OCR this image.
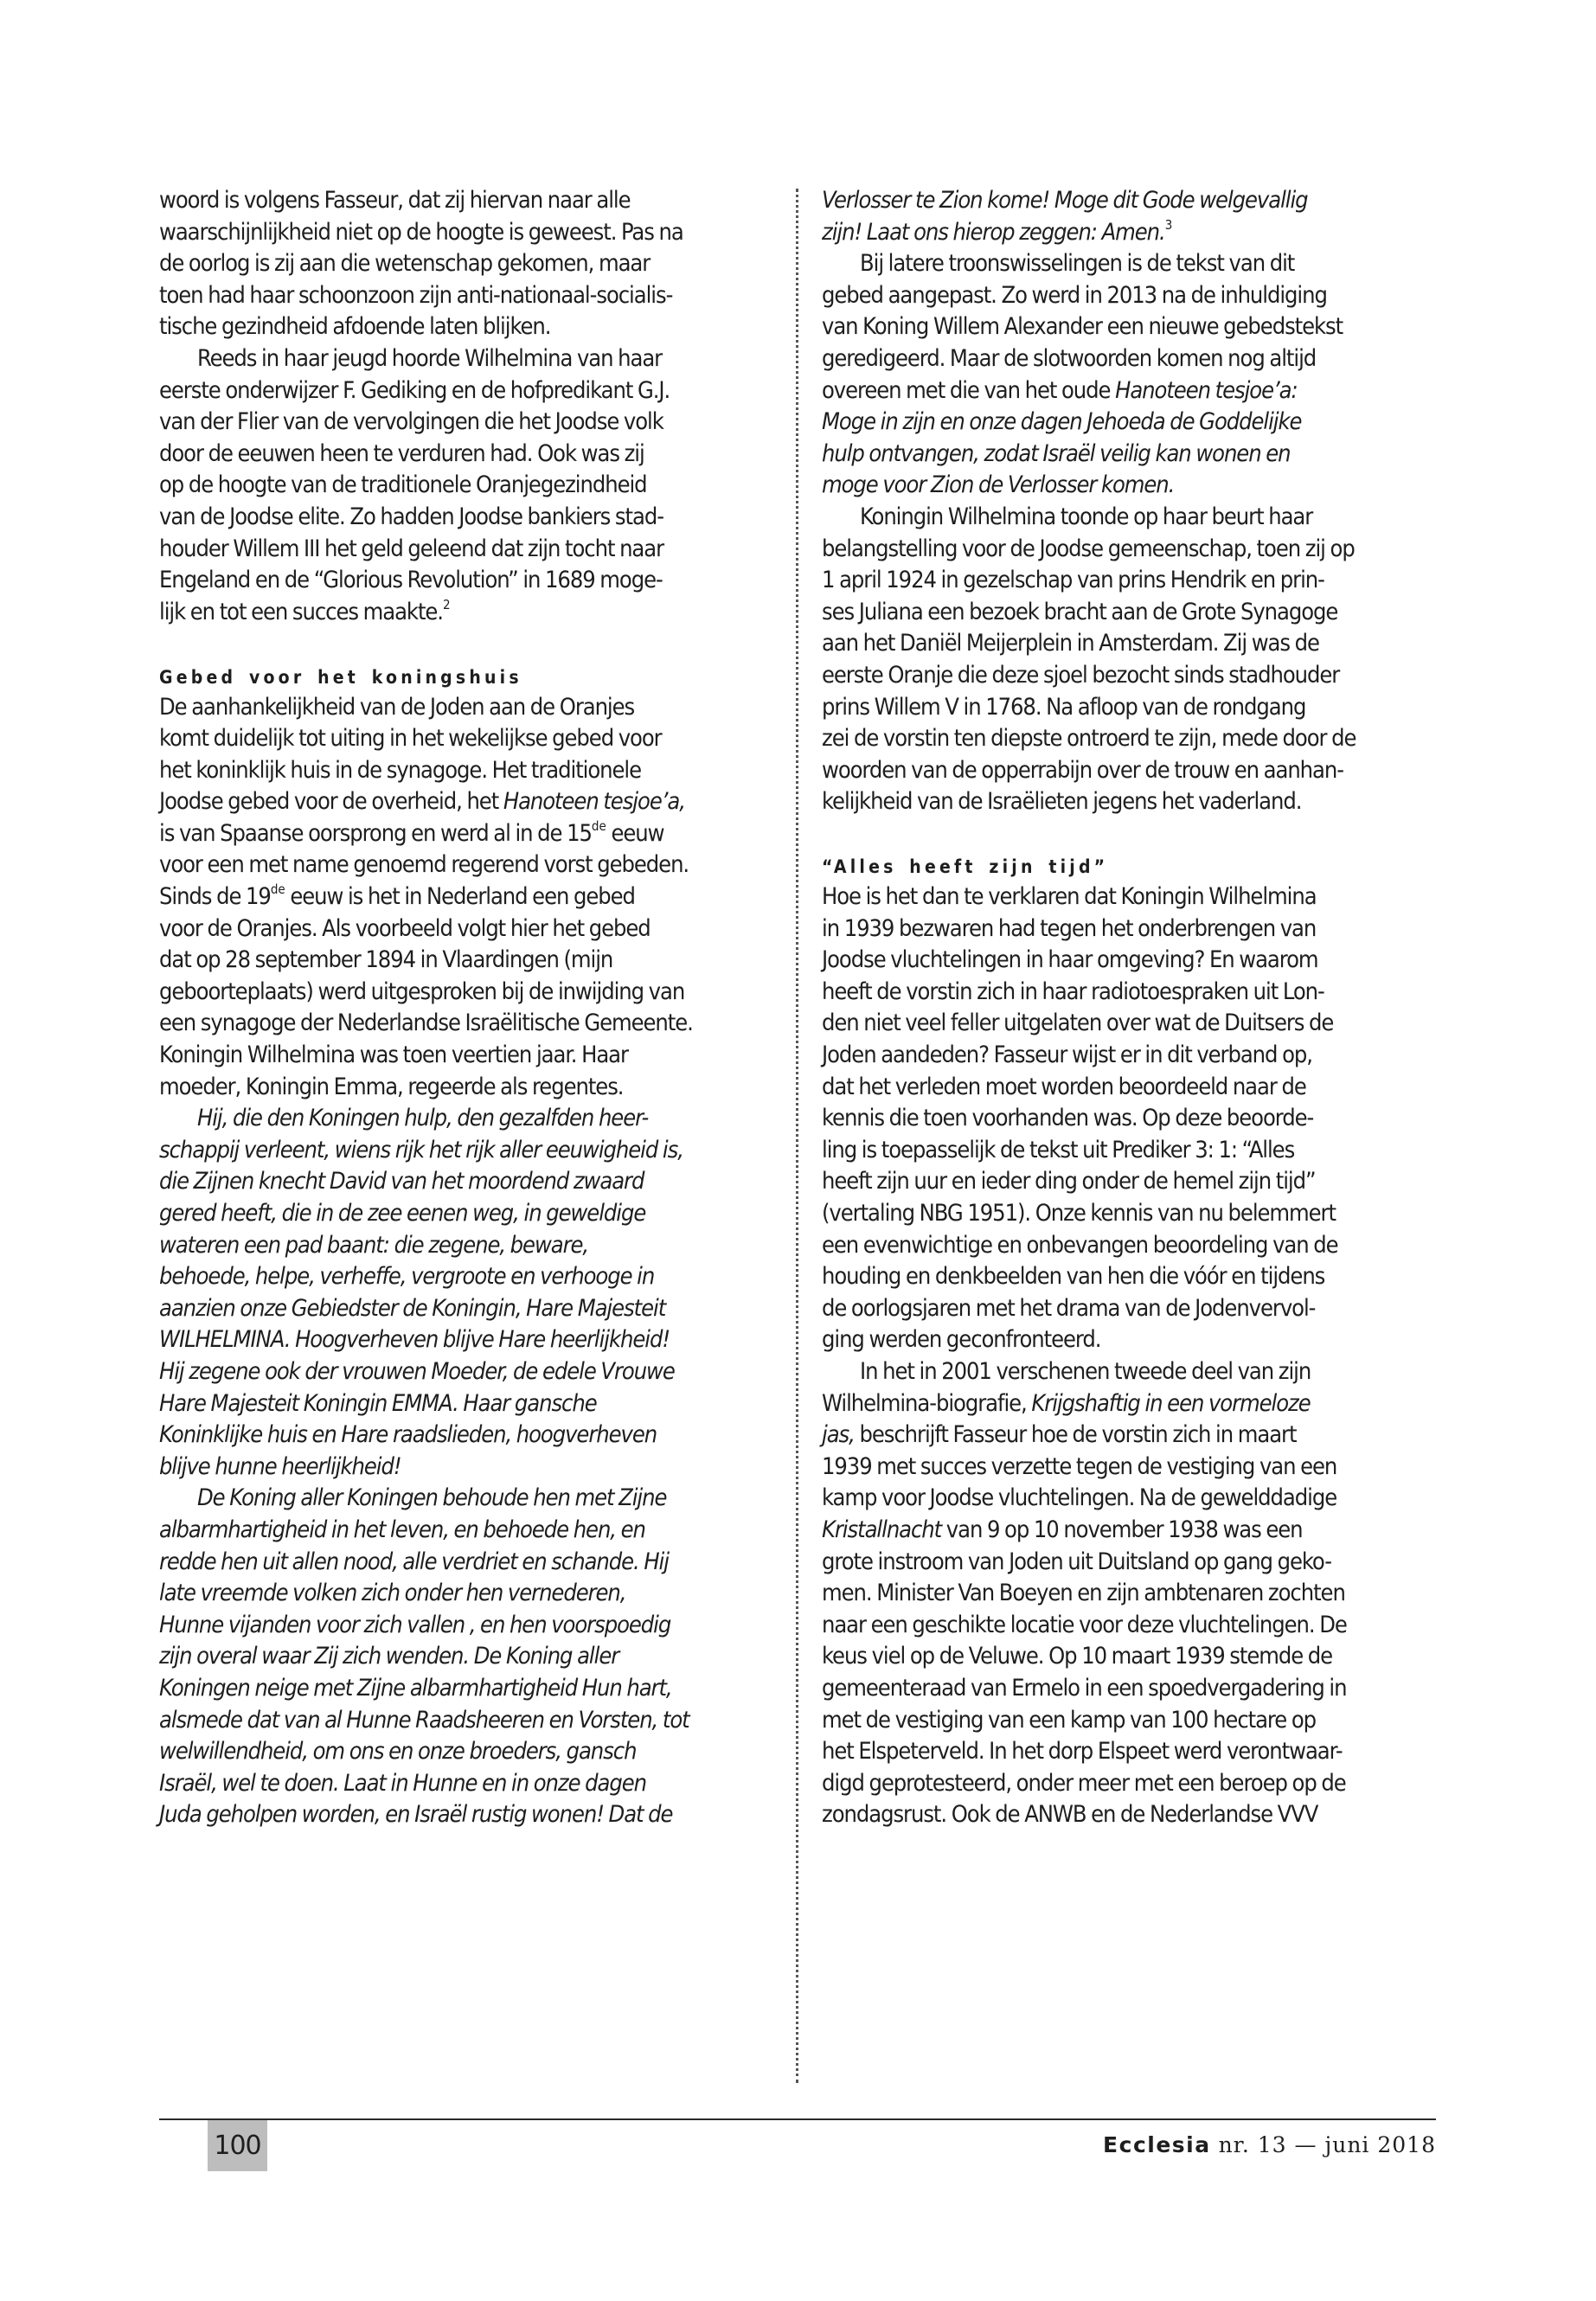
woord is volgens Fasseur, dat zij hiervan naar alle
waarschijnlijkheid niet op de hoogte is geweest. Pas na
de oorlog is zij aan die wetenschap gekomen, maar
toen had haar schoonzoon zijn anti-nationaal-socialis-
tische gezindheid afdoende laten blijken.
Reeds in haar jeugd hoorde Wilhelmina van haar
eerste onderwijzer F. Gediking en de hofpredikant G.J.
van der Flier van de vervolgingen die het Joodse volk
door de eeuwen heen te verduren had. Ook was zij
op de hoogte van de traditionele Oranjegezindheid
van de Joodse elite. Zo hadden Joodse bankiers stad-
houder Willem III het geld geleend dat zijn tocht naar
Engeland en de “Glorious Revolution” in 1689 moge-
lijk en tot een succes maakte.$^2$
Gebed voor het koningshuis
De aanhankelijkheid van de Joden aan de Oranjes
komt duidelijk tot uiting in het wekelijkse gebed voor
het koninklijk huis in de synagoge. Het traditionele
Joodse gebed voor de overheid, het Hanoteen tesjoe’a,
is van Spaanse oorsprong en werd al in de 15de eeuw
voor een met name genoemd regerend vorst gebeden.
Sinds de 19de eeuw is het in Nederland een gebed
voor de Oranjes. Als voorbeeld volgt hier het gebed
dat op 28 september 1894 in Vlaardingen (mijn
geboorteplaats) werd uitgesproken bij de inwijding van
een synagoge der Nederlandse Israëlitische Gemeente.
Koningin Wilhelmina was toen veertien jaar. Haar
moeder, Koningin Emma, regeerde als regentes.
Hij, die den Koningen hulp, den gezalfden heer-
schappij verleent, wiens rijk het rijk aller eeuwigheid is,
die Zijnen knecht David van het moordend zwaard
gered heeft, die in de zee eenen weg, in geweldige
wateren een pad baant: die zegene, beware,
behoede, helpe, verheffe, vergroote en verhooge in
aanzien onze Gebiedster de Koningin, Hare Majesteit
WILHELMINA. Hoogverheven blijve Hare heerlijkheid!
Hij zegene ook der vrouwen Moeder, de edele Vrouwe
Hare Majesteit Koningin EMMA. Haar gansche
Koninklijke huis en Hare raadslieden, hoogverheven
blijve hunne heerlijkheid!
De Koning aller Koningen behoude hen met Zijne
albarmhartigheid in het leven, en behoede hen, en
redde hen uit allen nood, alle verdriet en schande. Hij
late vreemde volken zich onder hen vernederen,
Hunne vijanden voor zich vallen , en hen voorspoedig
zijn overal waar Zij zich wenden. De Koning aller
Koningen neige met Zijne albarmhartigheid Hun hart,
alsmede dat van al Hunne Raadsheeren en Vorsten, tot
welwillendheid, om ons en onze broeders, gansch
Israël, wel te doen. Laat in Hunne en in onze dagen
Juda geholpen worden, en Israël rustig wonen! Dat de
Verlosser te Zion kome! Moge dit Gode welgevallig
zijn! Laat ons hierop zeggen: Amen.$^3$
Bij latere troonswisselingen is de tekst van dit
gebed aangepast. Zo werd in 2013 na de inhuldiging
van Koning Willem Alexander een nieuwe gebedstekst
geredigeerd. Maar de slotwoorden komen nog altijd
overeen met die van het oude Hanoteen tesjoe’a:
Moge in zijn en onze dagen Jehoeda de Goddelijke
hulp ontvangen, zodat Israël veilig kan wonen en
moge voor Zion de Verlosser komen.
Koningin Wilhelmina toonde op haar beurt haar
belangstelling voor de Joodse gemeenschap, toen zij op
1 april 1924 in gezelschap van prins Hendrik en prin-
ses Juliana een bezoek bracht aan de Grote Synagoge
aan het Daniël Meijerplein in Amsterdam. Zij was de
eerste Oranje die deze sjoel bezocht sinds stadhouder
prins Willem V in 1768. Na afloop van de rondgang
zei de vorstin ten diepste ontroerd te zijn, mede door de
woorden van de opperrabijn over de trouw en aanhan-
kelijkheid van de Israëlieten jegens het vaderland.
“Alles heeft zijn tijd”
Hoe is het dan te verklaren dat Koningin Wilhelmina
in 1939 bezwaren had tegen het onderbrengen van
Joodse vluchtelingen in haar omgeving? En waarom
heeft de vorstin zich in haar radiotoespraken uit Lon-
den niet veel feller uitgelaten over wat de Duitsers de
Joden aandeden? Fasseur wijst er in dit verband op,
dat het verleden moet worden beoordeeld naar de
kennis die toen voorhanden was. Op deze beoorde-
ling is toepasselijk de tekst uit Prediker 3: 1: “Alles
heeft zijn uur en ieder ding onder de hemel zijn tijd”
(vertaling NBG 1951). Onze kennis van nu belemmert
een evenwichtige en onbevangen beoordeling van de
houding en denkbeelden van hen die vóór en tijdens
de oorlogsjaren met het drama van de Jodenvervol-
ging werden geconfronteerd.
In het in 2001 verschenen tweede deel van zijn
Wilhelmina-biografie, Krijgshaftig in een vormeloze
jas, beschrijft Fasseur hoe de vorstin zich in maart
1939 met succes verzette tegen de vestiging van een
kamp voor Joodse vluchtelingen. Na de gewelddadige
Kristallnacht van 9 op 10 november 1938 was een
grote instroom van Joden uit Duitsland op gang geko-
men. Minister Van Boeyen en zijn ambtenaren zochten
naar een geschikte locatie voor deze vluchtelingen. De
keus viel op de Veluwe. Op 10 maart 1939 stemde de
gemeenteraad van Ermelo in een spoedvergadering in
met de vestiging van een kamp van 100 hectare op
het Elspeterveld. In het dorp Elspeet werd verontwaar-
digd geprotesteerd, onder meer met een beroep op de
zondagsrust. Ook de ANWB en de Nederlandse VVV
100	Ecclesia nr. 13 — juni 2018
